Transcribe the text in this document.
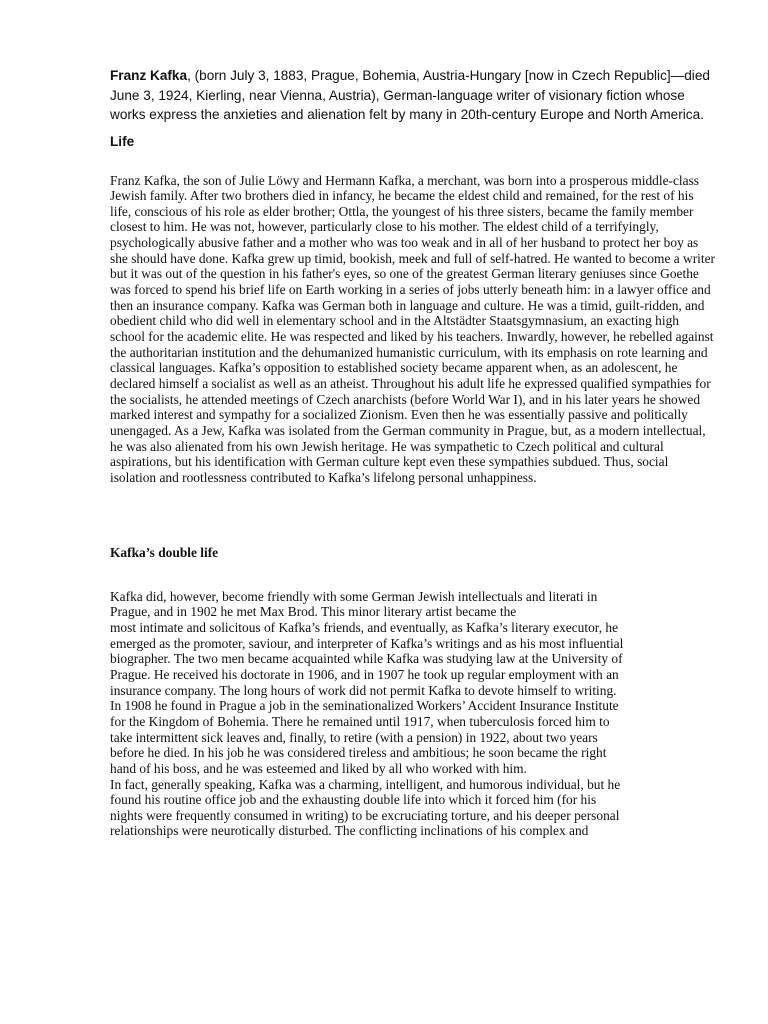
Franz Kafka, (born July 3, 1883, Prague, Bohemia, Austria-Hungary [now in Czech Republic]—died June 3, 1924, Kierling, near Vienna, Austria), German-language writer of visionary fiction whose works express the anxieties and alienation felt by many in 20th-century Europe and North America.

Life

Franz Kafka, the son of Julie Löwy and Hermann Kafka, a merchant, was born into a prosperous middle-class Jewish family. After two brothers died in infancy, he became the eldest child and remained, for the rest of his life, conscious of his role as elder brother; Ottla, the youngest of his three sisters, became the family member closest to him. He was not, however, particularly close to his mother. The eldest child of a terrifyingly, psychologically abusive father and a mother who was too weak and in all of her husband to protect her boy as she should have done. Kafka grew up timid, bookish, meek and full of self-hatred. He wanted to become a writer but it was out of the question in his father's eyes, so one of the greatest German literary geniuses since Goethe was forced to spend his brief life on Earth working in a series of jobs utterly beneath him: in a lawyer office and then an insurance company. Kafka was German both in language and culture. He was a timid, guilt-ridden, and obedient child who did well in elementary school and in the Altstädter Staatsgymnasium, an exacting high school for the academic elite. He was respected and liked by his teachers. Inwardly, however, he rebelled against the authoritarian institution and the dehumanized humanistic curriculum, with its emphasis on rote learning and classical languages. Kafka’s opposition to established society became apparent when, as an adolescent, he declared himself a socialist as well as an atheist. Throughout his adult life he expressed qualified sympathies for the socialists, he attended meetings of Czech anarchists (before World War I), and in his later years he showed marked interest and sympathy for a socialized Zionism. Even then he was essentially passive and politically unengaged. As a Jew, Kafka was isolated from the German community in Prague, but, as a modern intellectual, he was also alienated from his own Jewish heritage. He was sympathetic to Czech political and cultural aspirations, but his identification with German culture kept even these sympathies subdued. Thus, social isolation and rootlessness contributed to Kafka’s lifelong personal unhappiness.

Kafka’s double life

Kafka did, however, become friendly with some German Jewish intellectuals and literati in
Prague, and in 1902 he met Max Brod. This minor literary artist became the
most intimate and solicitous of Kafka’s friends, and eventually, as Kafka’s literary executor, he
emerged as the promoter, saviour, and interpreter of Kafka’s writings and as his most influential
biographer. The two men became acquainted while Kafka was studying law at the University of
Prague. He received his doctorate in 1906, and in 1907 he took up regular employment with an
insurance company. The long hours of work did not permit Kafka to devote himself to writing.
In 1908 he found in Prague a job in the seminationalized Workers’ Accident Insurance Institute
for the Kingdom of Bohemia. There he remained until 1917, when tuberculosis forced him to
take intermittent sick leaves and, finally, to retire (with a pension) in 1922, about two years
before he died. In his job he was considered tireless and ambitious; he soon became the right
hand of his boss, and he was esteemed and liked by all who worked with him.
In fact, generally speaking, Kafka was a charming, intelligent, and humorous individual, but he
found his routine office job and the exhausting double life into which it forced him (for his
nights were frequently consumed in writing) to be excruciating torture, and his deeper personal
relationships were neurotically disturbed. The conflicting inclinations of his complex and
